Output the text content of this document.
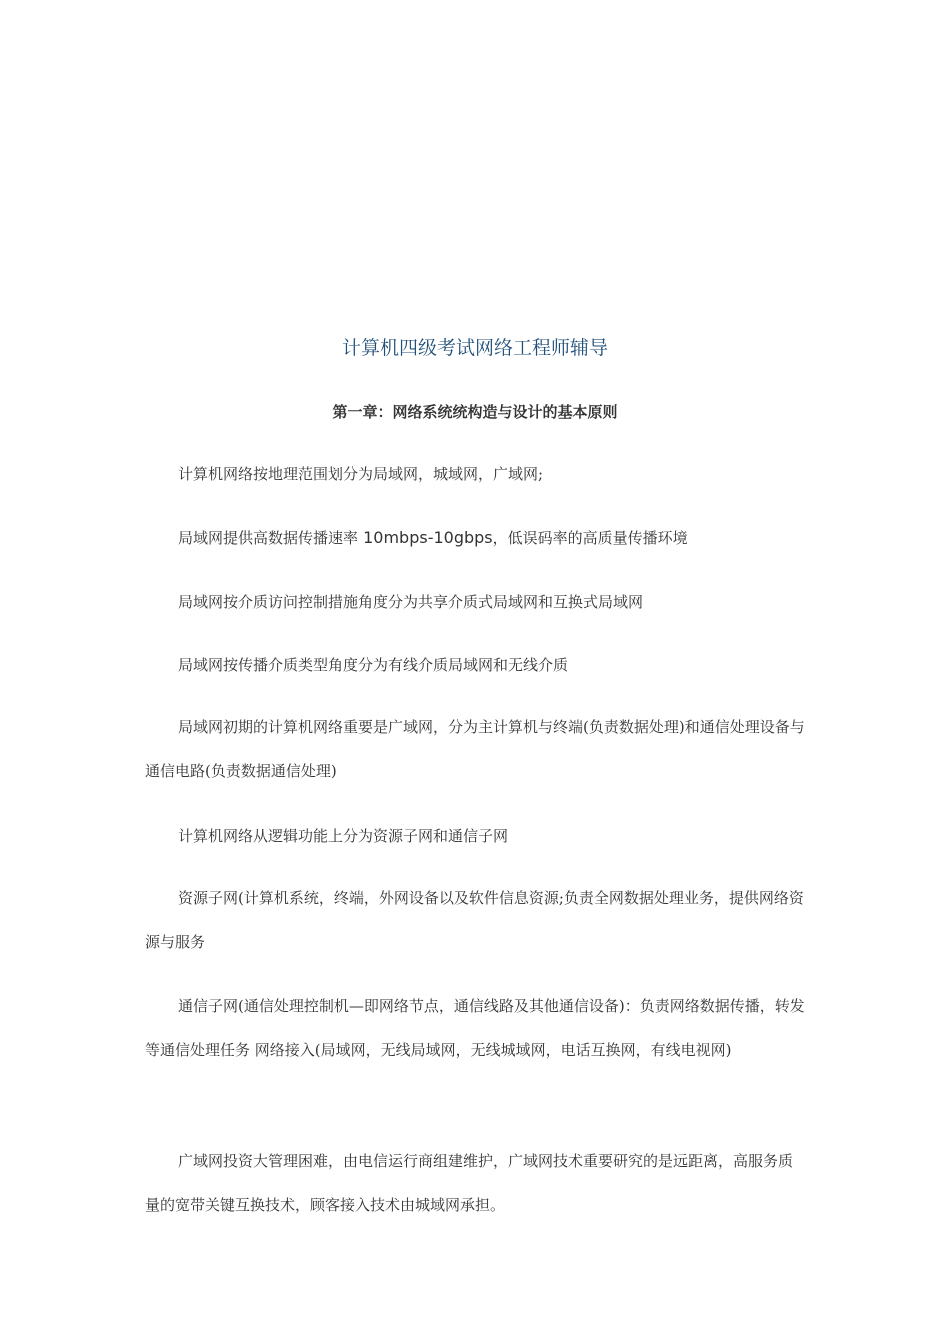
计算机四级考试网络工程师辅导
第一章：网络系统统构造与设计的基本原则

计算机网络按地理范围划分为局域网，城域网，广域网;

局域网提供高数据传播速率 10mbps-10gbps，低误码率的高质量传播环境

局域网按介质访问控制措施角度分为共享介质式局域网和互换式局域网

局域网按传播介质类型角度分为有线介质局域网和无线介质

局域网初期的计算机网络重要是广域网，分为主计算机与终端(负责数据处理)和通信处理设备与通信电路(负责数据通信处理)

计算机网络从逻辑功能上分为资源子网和通信子网

资源子网(计算机系统，终端，外网设备以及软件信息资源;负责全网数据处理业务，提供网络资源与服务

通信子网(通信处理控制机—即网络节点，通信线路及其他通信设备)：负责网络数据传播，转发等通信处理任务 网络接入(局域网，无线局域网，无线城域网，电话互换网，有线电视网)

广域网投资大管理困难，由电信运行商组建维护，广域网技术重要研究的是远距离，高服务质量的宽带关键互换技术，顾客接入技术由城域网承担。
